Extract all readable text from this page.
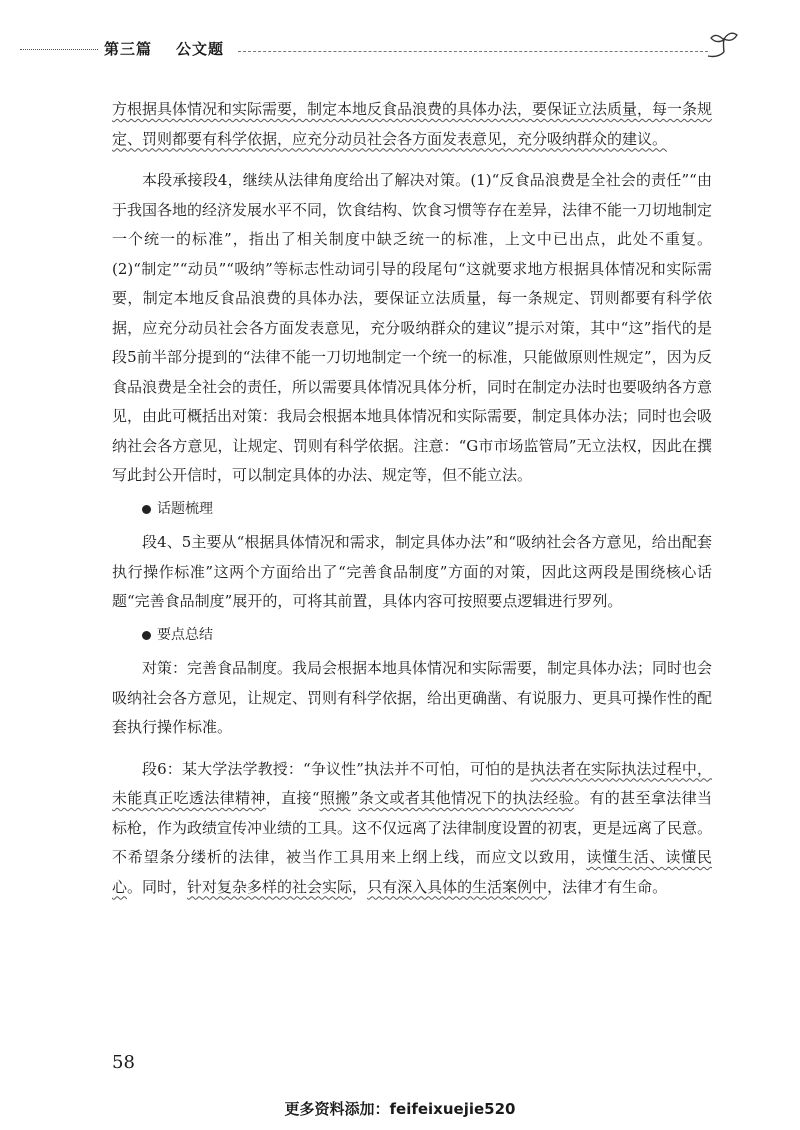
第三篇 公文题

方根据具体情况和实际需要，制定本地反食品浪费的具体办法，要保证立法质量，每一条规定、罚则都要有科学依据，应充分动员社会各方面发表意见，充分吸纳群众的建议。

本段承接段4，继续从法律角度给出了解决对策。(1)“反食品浪费是全社会的责任”“由于我国各地的经济发展水平不同，饮食结构、饮食习惯等存在差异，法律不能一刀切地制定一个统一的标准”，指出了相关制度中缺乏统一的标准，上文中已出点，此处不重复。(2)“制定”“动员”“吸纳”等标志性动词引导的段尾句“这就要求地方根据具体情况和实际需要，制定本地反食品浪费的具体办法，要保证立法质量，每一条规定、罚则都要有科学依据，应充分动员社会各方面发表意见，充分吸纳群众的建议”提示对策，其中“这”指代的是段5前半部分提到的“法律不能一刀切地制定一个统一的标准，只能做原则性规定”，因为反食品浪费是全社会的责任，所以需要具体情况具体分析，同时在制定办法时也要吸纳各方意见，由此可概括出对策：我局会根据本地具体情况和实际需要，制定具体办法；同时也会吸纳社会各方意见，让规定、罚则有科学依据。注意：“G市市场监管局”无立法权，因此在撰写此封公开信时，可以制定具体的办法、规定等，但不能立法。

话题梳理

段4、5主要从“根据具体情况和需求，制定具体办法”和“吸纳社会各方意见，给出配套执行操作标准”这两个方面给出了“完善食品制度”方面的对策，因此这两段是围绕核心话题“完善食品制度”展开的，可将其前置，具体内容可按照要点逻辑进行罗列。

要点总结

对策：完善食品制度。我局会根据本地具体情况和实际需要，制定具体办法；同时也会吸纳社会各方意见，让规定、罚则有科学依据，给出更确凿、有说服力、更具可操作性的配套执行操作标准。

段6：某大学法学教授：“争议性”执法并不可怕，可怕的是执法者在实际执法过程中，未能真正吃透法律精神，直接“照搬”条文或者其他情况下的执法经验。有的甚至拿法律当标枪，作为政绩宣传冲业绩的工具。这不仅远离了法律制度设置的初衷，更是远离了民意。不希望条分缕析的法律，被当作工具用来上纲上线，而应文以致用，读懂生活、读懂民心。同时，针对复杂多样的社会实际，只有深入具体的生活案例中，法律才有生命。

58
更多资料添加：feifeixuejie520
